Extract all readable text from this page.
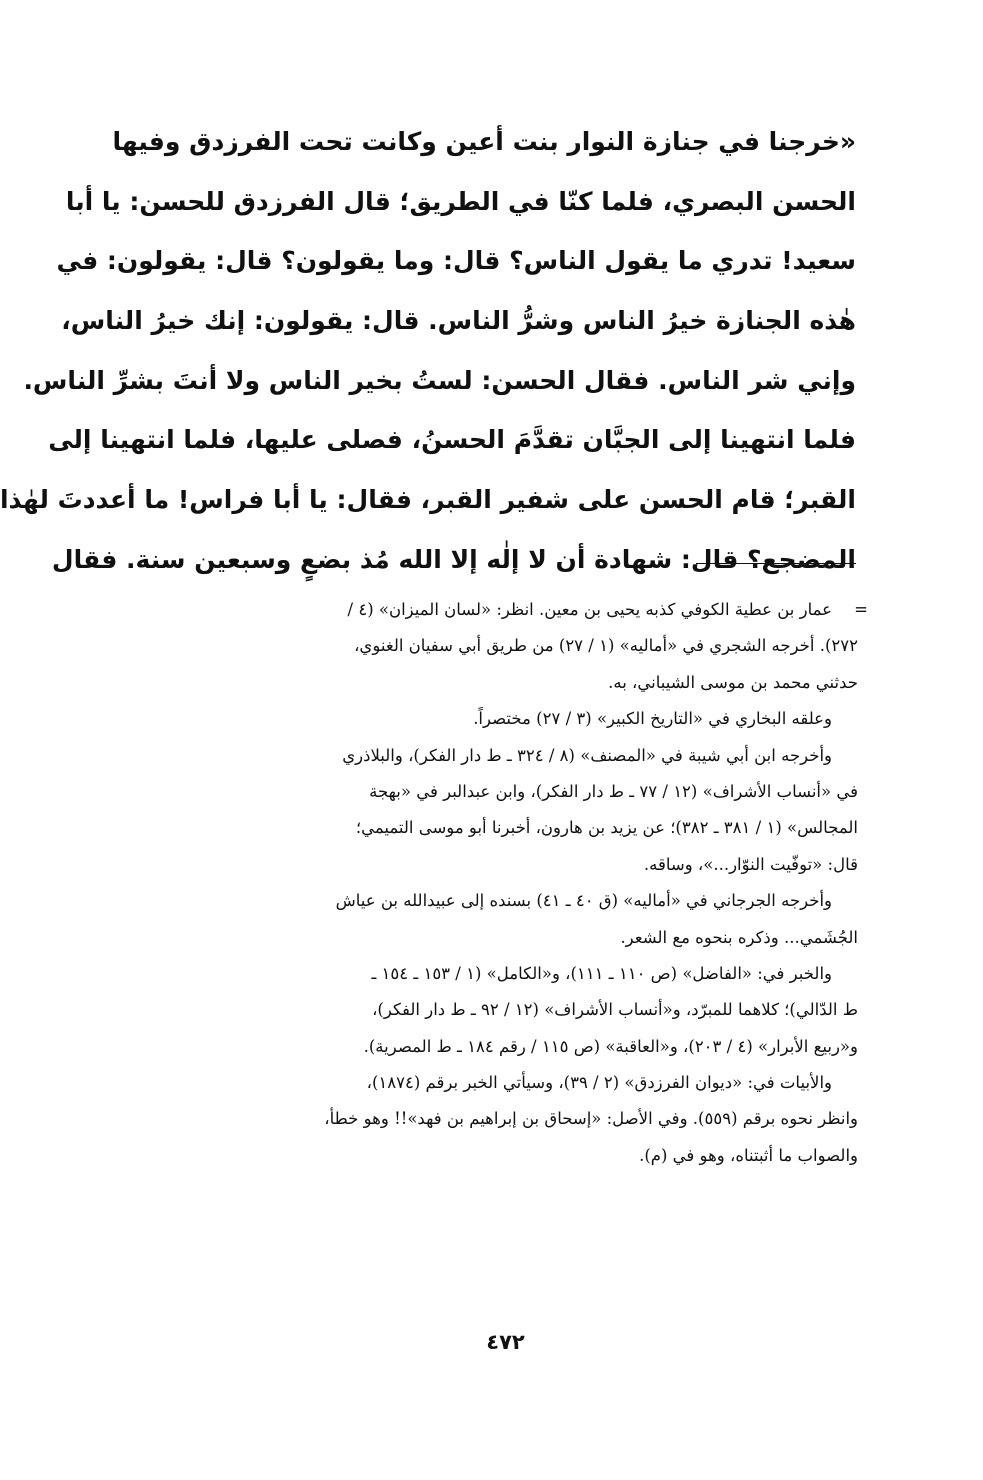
«خرجنا في جنازة النوار بنت أعين وكانت تحت الفرزدق وفيها
الحسن البصري، فلما كنّا في الطريق؛ قال الفرزدق للحسن: يا أبا
سعيد! تدري ما يقول الناس؟ قال: وما يقولون؟ قال: يقولون: في
هٰذه الجنازة خيرُ الناس وشرُّ الناس. قال: يقولون: إنك خيرُ الناس،
وإني شر الناس. فقال الحسن: لستُ بخير الناس ولا أنتَ بشرِّ الناس.
فلما انتهينا إلى الجبَّان تقدَّمَ الحسنُ، فصلى عليها، فلما انتهينا إلى
القبر؛ قام الحسن على شفير القبر، فقال: يا أبا فراس! ما أعددتَ لهٰذا
المضجع؟ قال: شهادة أن لا إلٰه إلا الله مُذ بضعٍ وسبعين سنة. فقال
=
عمار بن عطية الكوفي كذبه يحيى بن معين. انظر: «لسان الميزان» (٤ /
٢٧٢). أخرجه الشجري في «أماليه» (١ / ٢٧) من طريق أبي سفيان الغنوي،
حدثني محمد بن موسى الشيباني، به.
وعلقه البخاري في «التاريخ الكبير» (٣ / ٢٧) مختصراً.
وأخرجه ابن أبي شيبة في «المصنف» (٨ / ٣٢٤ ـ ط دار الفكر)، والبلاذري
في «أنساب الأشراف» (١٢ / ٧٧ ـ ط دار الفكر)، وابن عبدالبر في «بهجة
المجالس» (١ / ٣٨١ ـ ٣٨٢)؛ عن يزيد بن هارون، أخبرنا أبو موسى التميمي؛
قال: «توفّيت النوّار...»، وساقه.
وأخرجه الجرجاني في «أماليه» (ق ٤٠ ـ ٤١) بسنده إلى عبيدالله بن عياش
الجُشَمي... وذكره بنحوه مع الشعر.
والخبر في: «الفاضل» (ص ١١٠ ـ ١١١)، و«الكامل» (١ / ١٥٣ ـ ١٥٤ ـ
ط الدّالي)؛ كلاهما للمبرّد، و«أنساب الأشراف» (١٢ / ٩٢ ـ ط دار الفكر)،
و«ربيع الأبرار» (٤ / ٢٠٣)، و«العاقبة» (ص ١١٥ / رقم ١٨٤ ـ ط المصرية).
والأبيات في: «ديوان الفرزدق» (٢ / ٣٩)، وسيأتي الخبر برقم (١٨٧٤)،
وانظر نحوه برقم (٥٥٩). وفي الأصل: «إسحاق بن إبراهيم بن فهد»!! وهو خطأ،
والصواب ما أثبتناه، وهو في (م).
٤٧٢
